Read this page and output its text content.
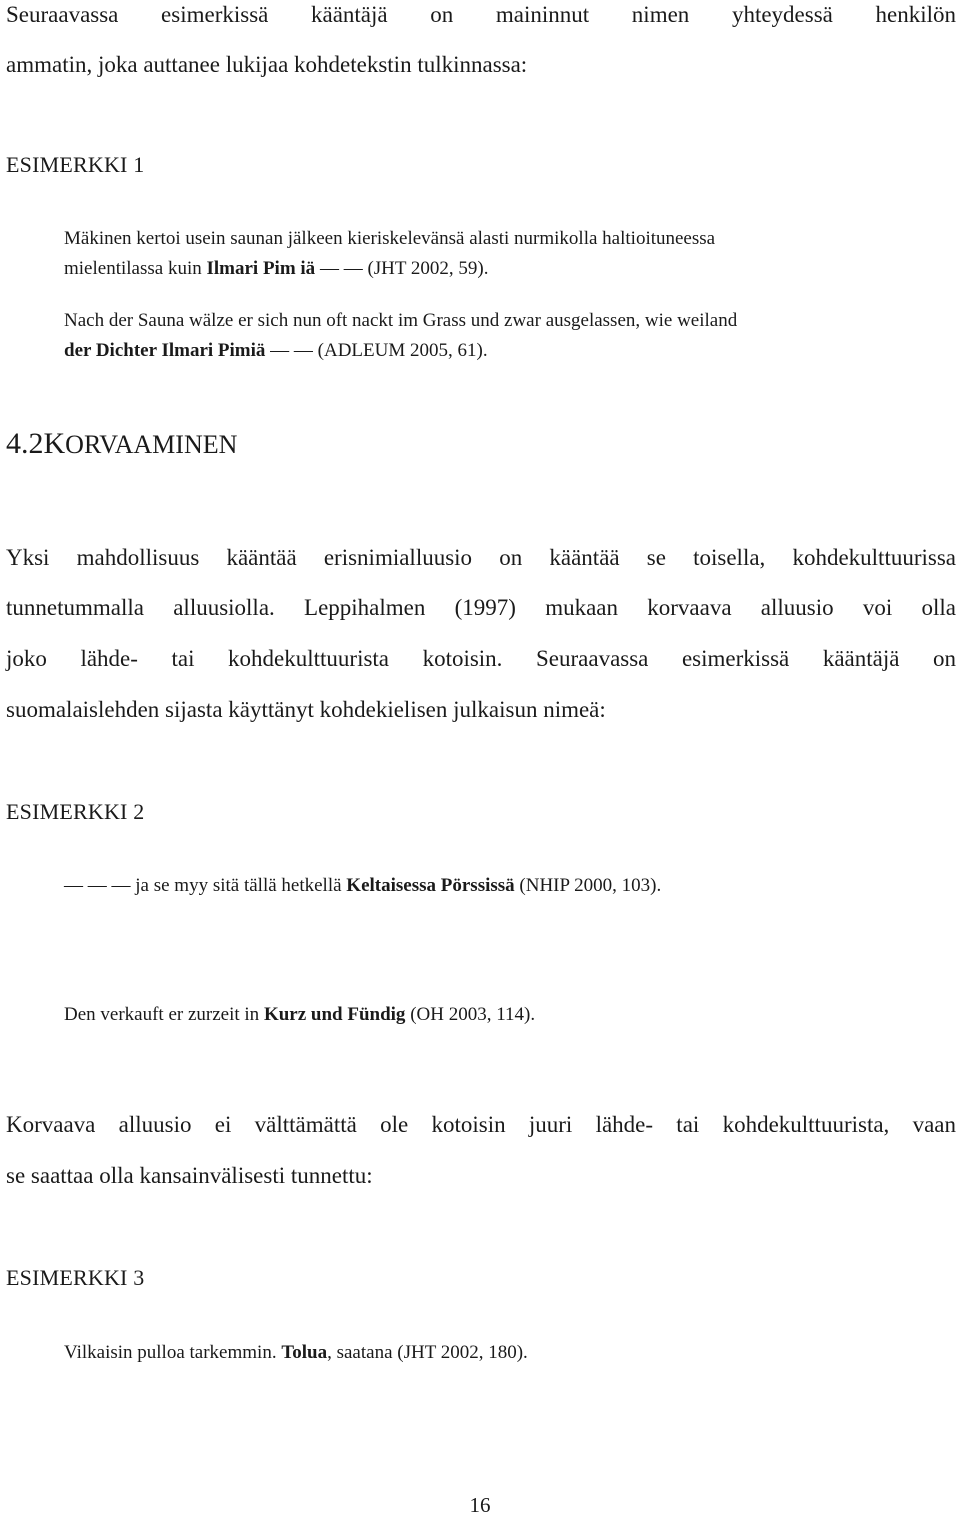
Seuraavassa esimerkissä kääntäjä on maininnut nimen yhteydessä henkilön
ammatin, joka auttanee lukijaa kohdetekstin tulkinnassa:
ESIMERKKI 1
Mäkinen kertoi usein saunan jälkeen kieriskelevänsä alasti nurmikolla haltioituneessa
mielentilassa kuin Ilmari Pim iä — — (JHT 2002, 59).
Nach der Sauna wälze er sich nun oft nackt im Grass und zwar ausgelassen, wie weiland
der Dichter Ilmari Pimiä — — (ADLEUM 2005, 61).
4.2KORVAAMINEN
Yksi mahdollisuus kääntää erisnimialluusio on kääntää se toisella, kohdekulttuurissa
tunnetummalla alluusiolla. Leppihalmen (1997) mukaan korvaava alluusio voi olla
joko lähde- tai kohdekulttuurista kotoisin. Seuraavassa esimerkissä kääntäjä on
suomalaislehden sijasta käyttänyt kohdekielisen julkaisun nimeä:
ESIMERKKI 2
— — — ja se myy sitä tällä hetkellä Keltaisessa Pörssissä (NHIP 2000, 103).
Den verkauft er zurzeit in Kurz und Fündig (OH 2003, 114).
Korvaava alluusio ei välttämättä ole kotoisin juuri lähde- tai kohdekulttuurista, vaan
se saattaa olla kansainvälisesti tunnettu:
ESIMERKKI 3
Vilkaisin pulloa tarkemmin. Tolua, saatana (JHT 2002, 180).
16
